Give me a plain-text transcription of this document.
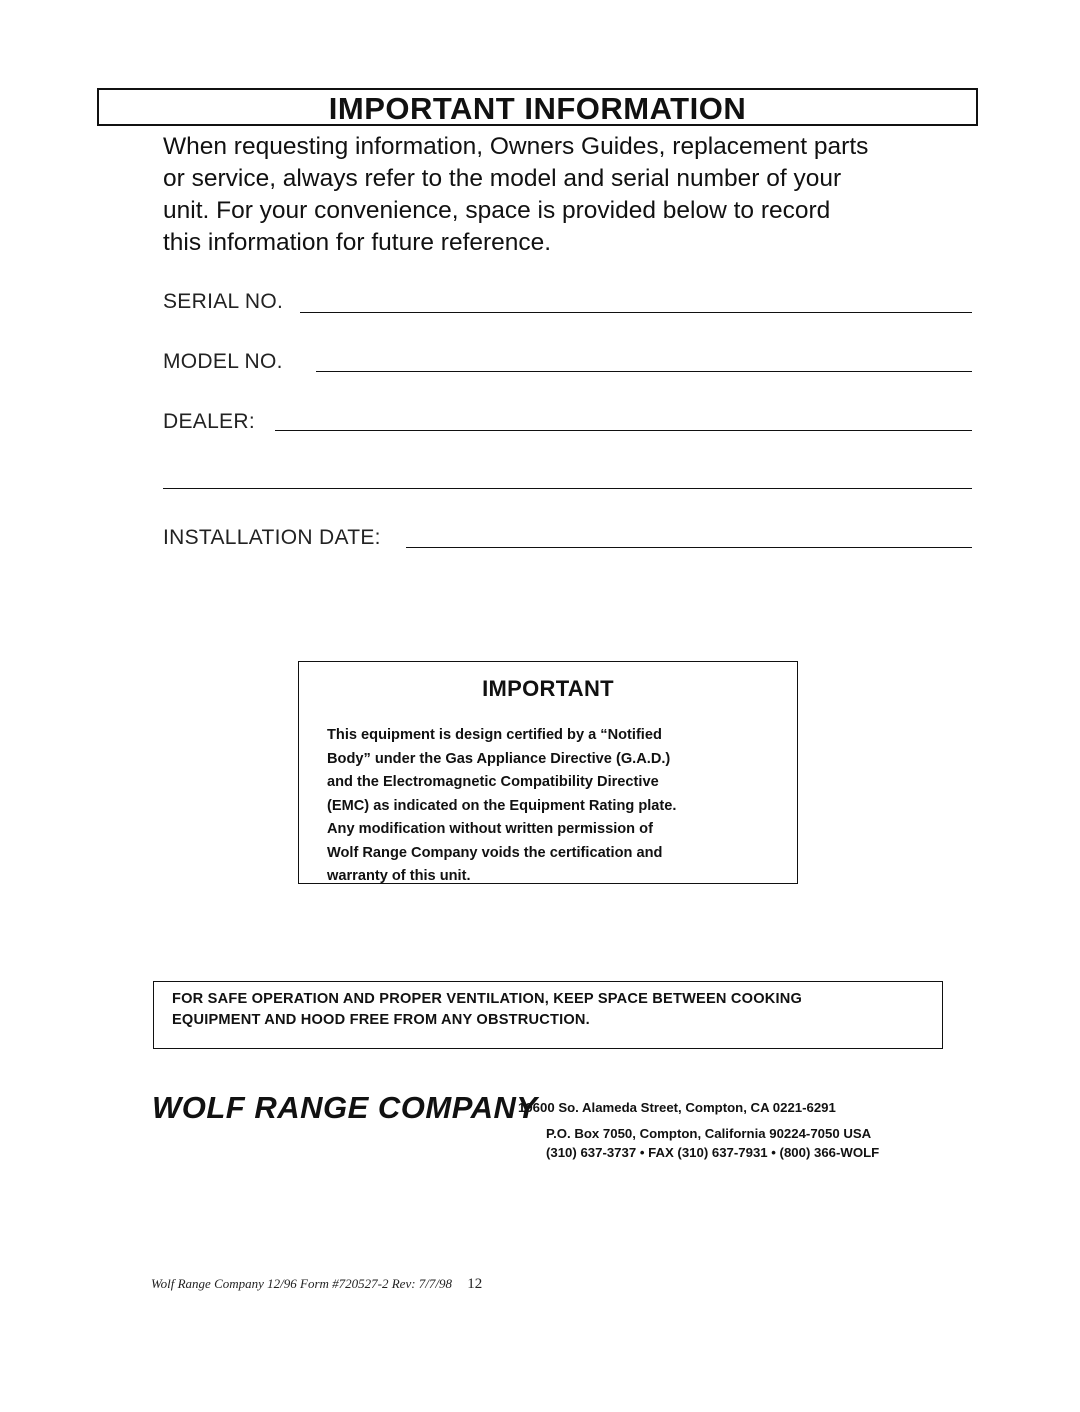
IMPORTANT INFORMATION
When requesting information, Owners Guides, replacement parts
or service, always refer to the model and serial number of your
unit. For your convenience, space is provided below to record
this information for future reference.
SERIAL NO.
MODEL NO.
DEALER:
INSTALLATION DATE:
IMPORTANT
This equipment is design certified by a “Notified
Body” under the Gas Appliance Directive (G.A.D.)
and the Electromagnetic Compatibility Directive
(EMC) as indicated on the Equipment Rating plate.
Any modification without written permission of
Wolf Range Company voids the certification and
warranty of this unit.
FOR SAFE OPERATION AND PROPER VENTILATION, KEEP SPACE BETWEEN COOKING
EQUIPMENT AND HOOD FREE FROM ANY OBSTRUCTION.
WOLF RANGE COMPANY
19600 So. Alameda Street, Compton, CA 0221-6291
P.O. Box 7050, Compton, California 90224-7050 USA
(310) 637-3737 • FAX (310) 637-7931 • (800) 366-WOLF
Wolf Range Company 12/96 Form #720527-2 Rev: 7/7/98 12
